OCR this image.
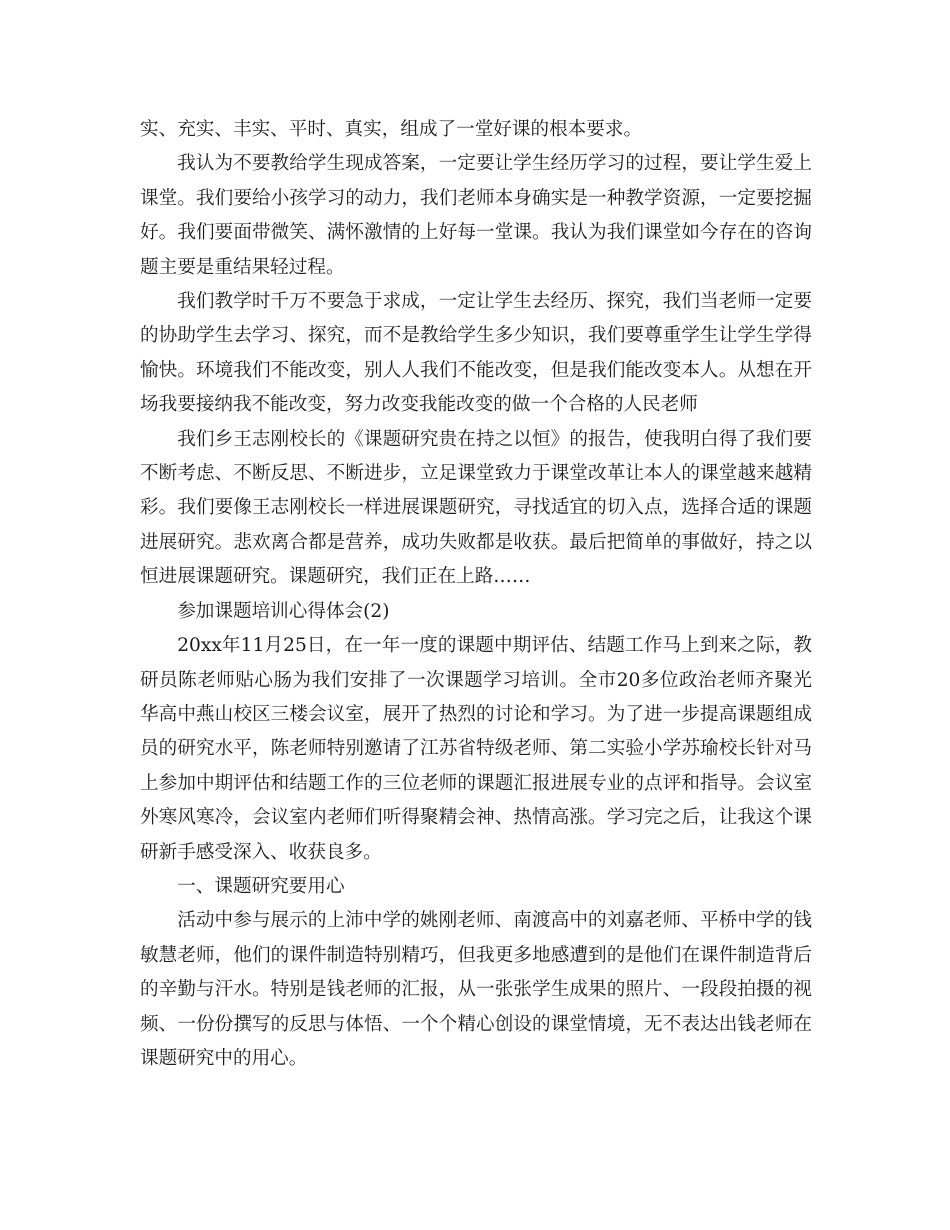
实、充实、丰实、平时、真实，组成了一堂好课的根本要求。

我认为不要教给学生现成答案，一定要让学生经历学习的过程，要让学生爱上课堂。我们要给小孩学习的动力，我们老师本身确实是一种教学资源，一定要挖掘好。我们要面带微笑、满怀激情的上好每一堂课。我认为我们课堂如今存在的咨询题主要是重结果轻过程。

我们教学时千万不要急于求成，一定让学生去经历、探究，我们当老师一定要的协助学生去学习、探究，而不是教给学生多少知识，我们要尊重学生让学生学得愉快。环境我们不能改变，别人人我们不能改变，但是我们能改变本人。从想在开场我要接纳我不能改变，努力改变我能改变的做一个合格的人民老师

我们乡王志刚校长的《课题研究贵在持之以恒》的报告，使我明白得了我们要不断考虑、不断反思、不断进步，立足课堂致力于课堂改革让本人的课堂越来越精彩。我们要像王志刚校长一样进展课题研究，寻找适宜的切入点，选择合适的课题进展研究。悲欢离合都是营养，成功失败都是收获。最后把简单的事做好，持之以恒进展课题研究。课题研究，我们正在上路……

参加课题培训心得体会(2)

20xx年11月25日，在一年一度的课题中期评估、结题工作马上到来之际，教研员陈老师贴心肠为我们安排了一次课题学习培训。全市20多位政治老师齐聚光华高中燕山校区三楼会议室，展开了热烈的讨论和学习。为了进一步提高课题组成员的研究水平，陈老师特别邀请了江苏省特级老师、第二实验小学苏瑜校长针对马上参加中期评估和结题工作的三位老师的课题汇报进展专业的点评和指导。会议室外寒风寒冷，会议室内老师们听得聚精会神、热情高涨。学习完之后，让我这个课研新手感受深入、收获良多。

一、课题研究要用心

活动中参与展示的上沛中学的姚刚老师、南渡高中的刘嘉老师、平桥中学的钱敏慧老师，他们的课件制造特别精巧，但我更多地感遭到的是他们在课件制造背后的辛勤与汗水。特别是钱老师的汇报，从一张张学生成果的照片、一段段拍摄的视频、一份份撰写的反思与体悟、一个个精心创设的课堂情境，无不表达出钱老师在课题研究中的用心。
